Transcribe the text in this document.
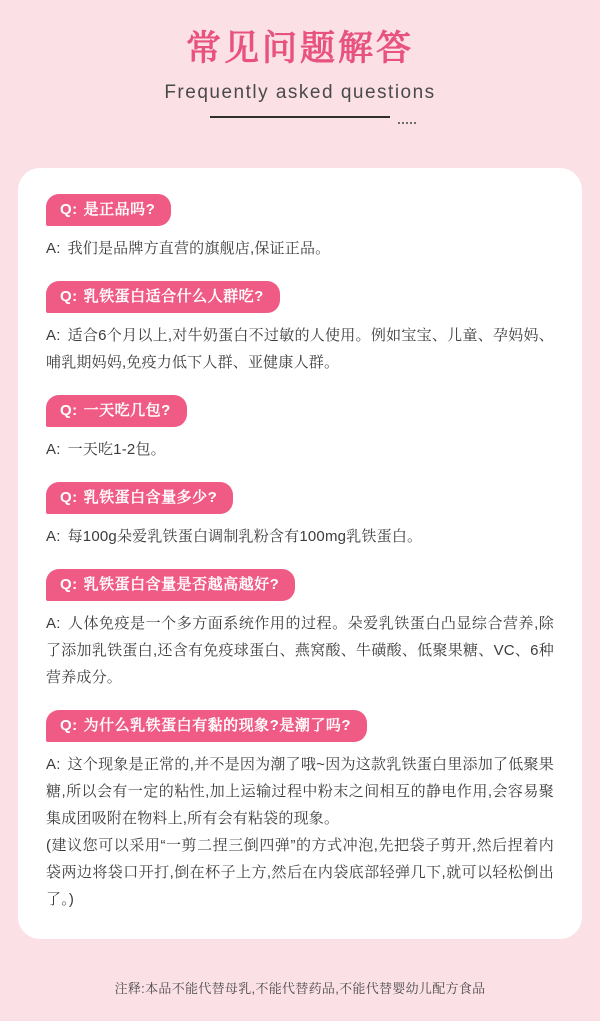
常见问题解答
Frequently asked questions
Q: 是正品吗?
A: 我们是品牌方直营的旗舰店,保证正品。
Q: 乳铁蛋白适合什么人群吃?
A: 适合6个月以上,对牛奶蛋白不过敏的人使用。例如宝宝、儿童、孕妈妈、哺乳期妈妈,免疫力低下人群、亚健康人群。
Q: 一天吃几包?
A: 一天吃1-2包。
Q: 乳铁蛋白含量多少?
A: 每100g朵爱乳铁蛋白调制乳粉含有100mg乳铁蛋白。
Q: 乳铁蛋白含量是否越高越好?
A: 人体免疫是一个多方面系统作用的过程。朵爱乳铁蛋白凸显综合营养,除了添加乳铁蛋白,还含有免疫球蛋白、燕窝酸、牛磺酸、低聚果糖、VC、6种营养成分。
Q: 为什么乳铁蛋白有黏的现象?是潮了吗?
A: 这个现象是正常的,并不是因为潮了哦~因为这款乳铁蛋白里添加了低聚果糖,所以会有一定的粘性,加上运输过程中粉末之间相互的静电作用,会容易聚集成团吸附在物料上,所有会有粘袋的现象。
(建议您可以采用“一剪二捏三倒四弹”的方式冲泡,先把袋子剪开,然后捏着内袋两边将袋口开打,倒在杯子上方,然后在内袋底部轻弹几下,就可以轻松倒出了。)
注释:本品不能代替母乳,不能代替药品,不能代替婴幼儿配方食品
